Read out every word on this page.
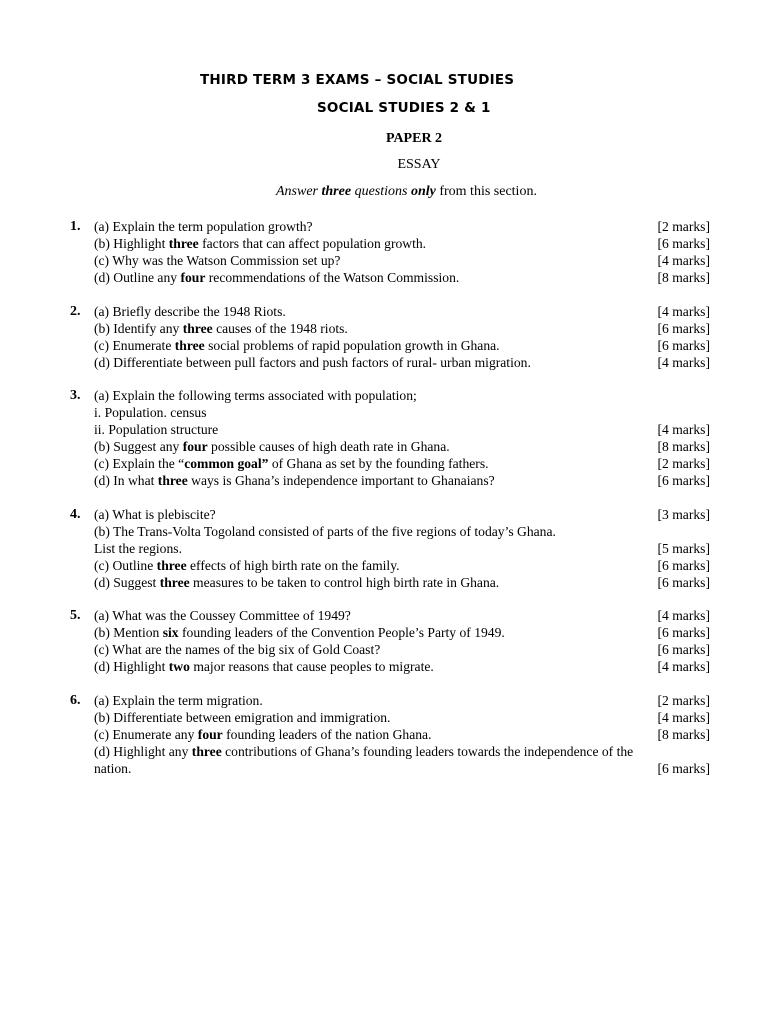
THIRD TERM 3 EXAMS – SOCIAL STUDIES
SOCIAL STUDIES 2 & 1
PAPER 2
ESSAY
Answer three questions only from this section.
1. (a) Explain the term population growth?	[2 marks]
(b) Highlight three factors that can affect population growth.	[6 marks]
(c) Why was the Watson Commission set up?	[4 marks]
(d) Outline any four recommendations of the Watson Commission.	[8 marks]
2. (a) Briefly describe the 1948 Riots.	[4 marks]
(b) Identify any three causes of the 1948 riots.	[6 marks]
(c) Enumerate three social problems of rapid population growth in Ghana.	[6 marks]
(d) Differentiate between pull factors and push factors of rural- urban migration.	[4 marks]
3. (a) Explain the following terms associated with population;
i. Population. census
ii. Population structure	[4 marks]
(b) Suggest any four possible causes of high death rate in Ghana.	[8 marks]
(c) Explain the “common goal” of Ghana as set by the founding fathers.	[2 marks]
(d) In what three ways is Ghana’s independence important to Ghanaians?	[6 marks]
4. (a) What is plebiscite?	[3 marks]
(b) The Trans-Volta Togoland consisted of parts of the five regions of today’s Ghana.
List the regions.	[5 marks]
(c) Outline three effects of high birth rate on the family.	[6 marks]
(d) Suggest three measures to be taken to control high birth rate in Ghana.	[6 marks]
5. (a) What was the Coussey Committee of 1949?	[4 marks]
(b) Mention six founding leaders of the Convention People’s Party of 1949.	[6 marks]
(c) What are the names of the big six of Gold Coast?	[6 marks]
(d) Highlight two major reasons that cause peoples to migrate.	[4 marks]
6. (a) Explain the term migration.	[2 marks]
(b) Differentiate between emigration and immigration.	[4 marks]
(c) Enumerate any four founding leaders of the nation Ghana.	[8 marks]
(d) Highlight any three contributions of Ghana’s founding leaders towards the independence of the
nation.	[6 marks]
